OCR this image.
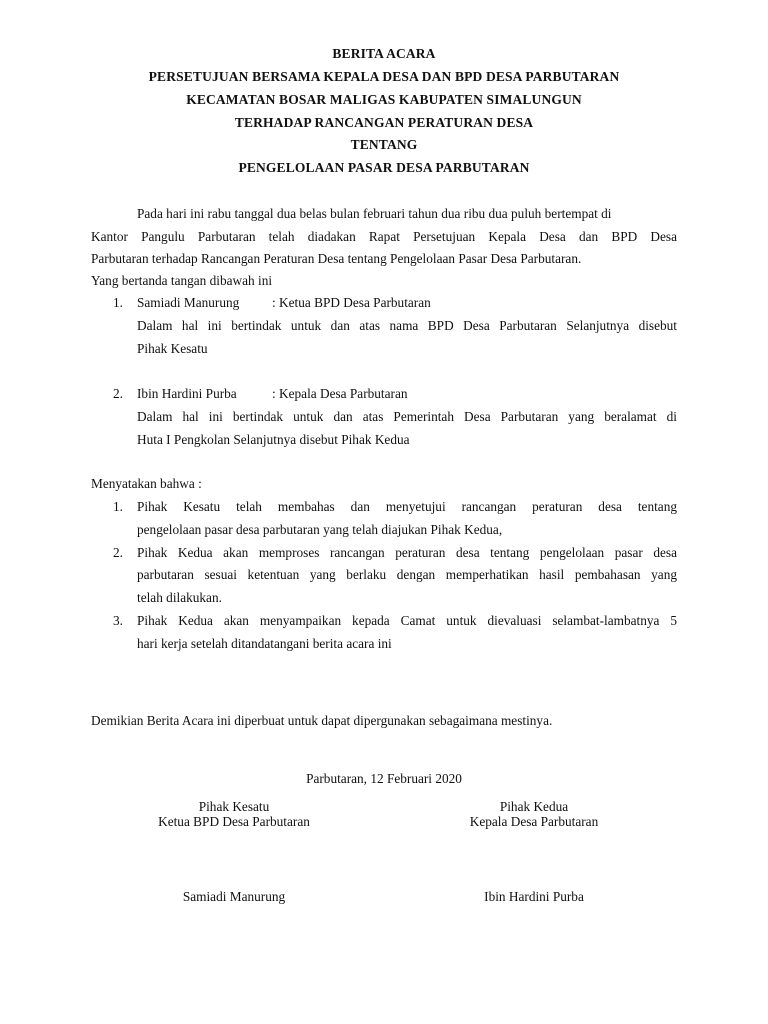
BERITA ACARA
PERSETUJUAN BERSAMA KEPALA DESA DAN BPD DESA PARBUTARAN
KECAMATAN BOSAR MALIGAS KABUPATEN SIMALUNGUN
TERHADAP RANCANGAN PERATURAN DESA
TENTANG
PENGELOLAAN PASAR DESA PARBUTARAN
Pada hari ini rabu tanggal dua belas bulan februari tahun dua ribu dua puluh bertempat di
Kantor Pangulu Parbutaran telah diadakan Rapat Persetujuan Kepala Desa dan BPD Desa
Parbutaran terhadap Rancangan Peraturan Desa tentang Pengelolaan Pasar Desa Parbutaran.
Yang bertanda tangan dibawah ini
1. Samiadi Manurung : Ketua BPD Desa Parbutaran
Dalam hal ini bertindak untuk dan atas nama BPD Desa Parbutaran Selanjutnya disebut
Pihak Kesatu
2. Ibin Hardini Purba	: Kepala Desa Parbutaran
Dalam hal ini bertindak untuk dan atas Pemerintah Desa Parbutaran yang beralamat di
Huta I Pengkolan Selanjutnya disebut Pihak Kedua
Menyatakan bahwa :
1. Pihak Kesatu telah membahas dan menyetujui rancangan peraturan desa tentang
pengelolaan pasar desa parbutaran yang telah diajukan Pihak Kedua,
2. Pihak Kedua akan memproses rancangan peraturan desa tentang pengelolaan pasar desa
parbutaran sesuai ketentuan yang berlaku dengan memperhatikan hasil pembahasan yang
telah dilakukan.
3. Pihak Kedua akan menyampaikan kepada Camat untuk dievaluasi selambat-lambatnya 5
hari kerja setelah ditandatangani berita acara ini
Demikian Berita Acara ini diperbuat untuk dapat dipergunakan sebagaimana mestinya.
Parbutaran, 12 Februari 2020
Pihak Kesatu
Ketua BPD Desa Parbutaran
Samiadi Manurung
Pihak Kedua
Kepala Desa Parbutaran
Ibin Hardini Purba
